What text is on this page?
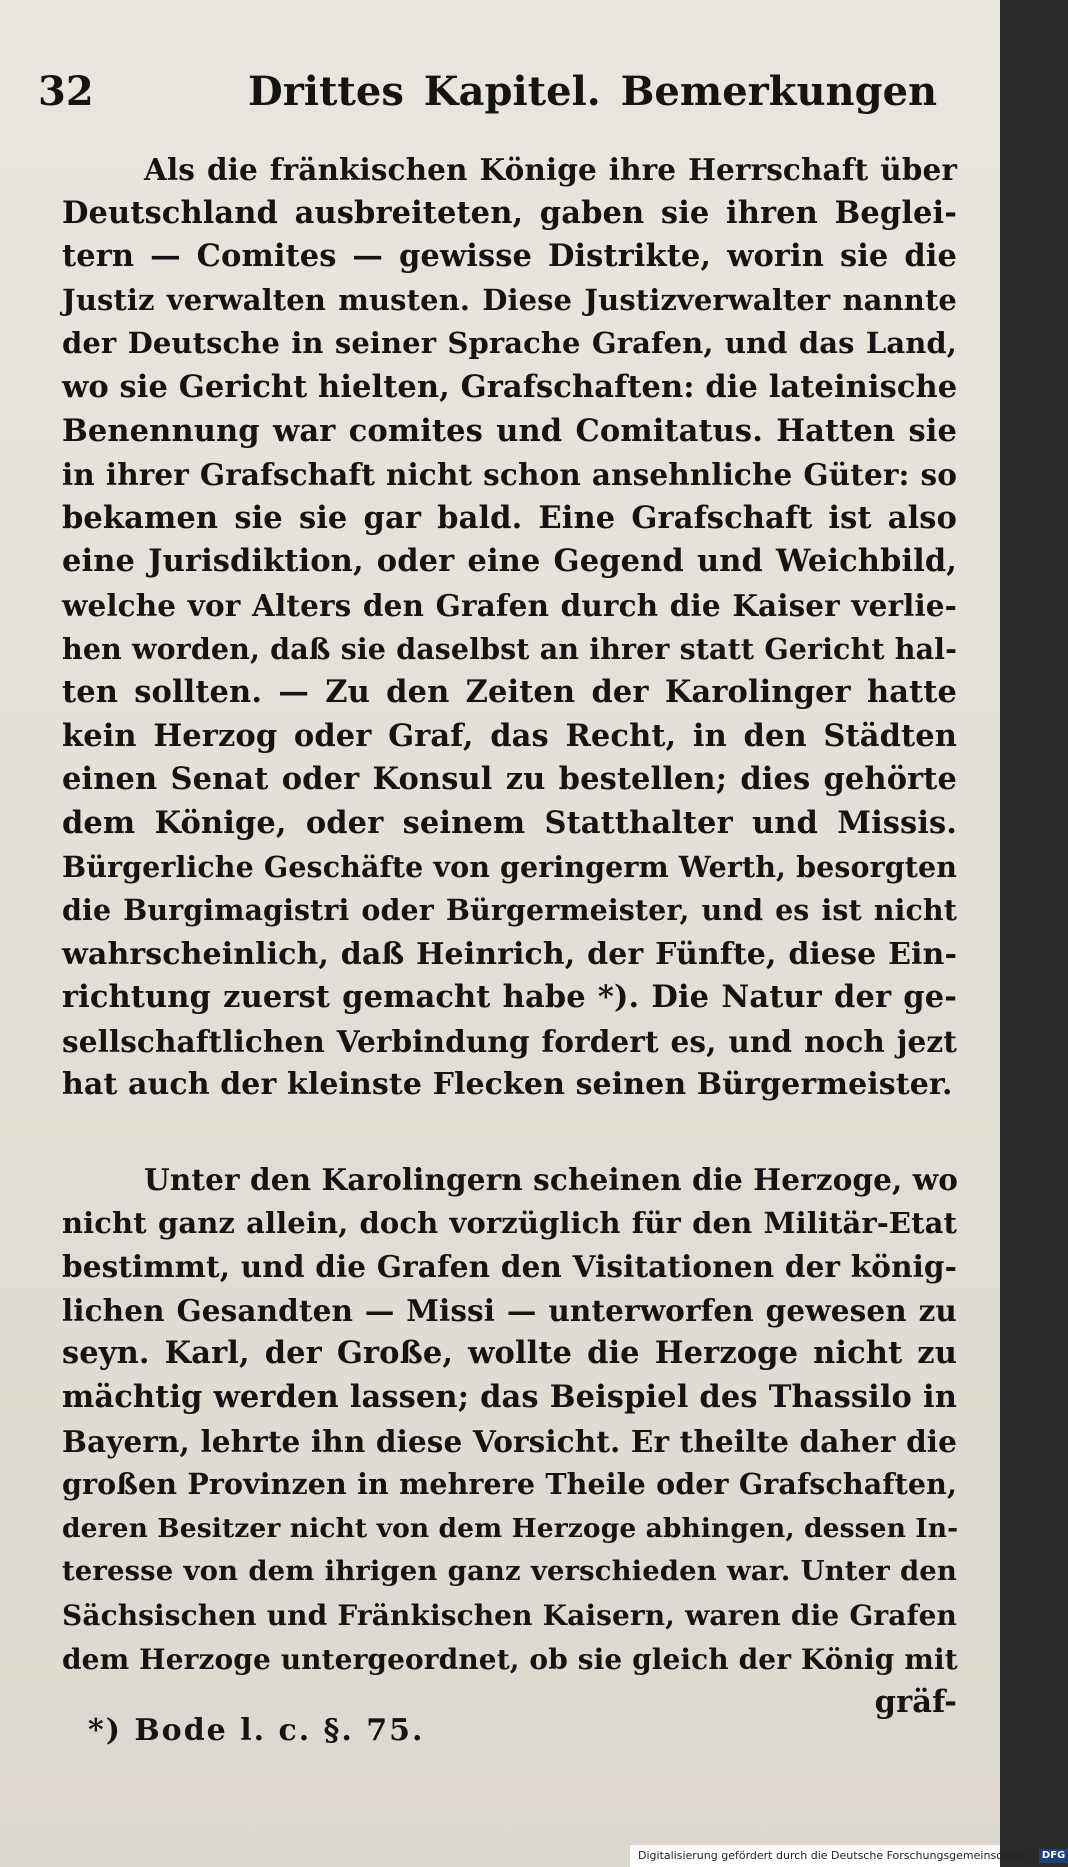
32	Drittes Kapitel. Bemerkungen
Als die fränkischen Könige ihre Herrschaft über
Deutschland ausbreiteten, gaben sie ihren Beglei-
tern — Comites — gewisse Distrikte, worin sie die
Justiz verwalten musten. Diese Justizverwalter nannte
der Deutsche in seiner Sprache Grafen, und das Land,
wo sie Gericht hielten, Grafschaften: die lateinische
Benennung war comites und Comitatus. Hatten sie
in ihrer Grafschaft nicht schon ansehnliche Güter: so
bekamen sie sie gar bald. Eine Grafschaft ist also
eine Jurisdiktion, oder eine Gegend und Weichbild,
welche vor Alters den Grafen durch die Kaiser verlie-
hen worden, daß sie daselbst an ihrer statt Gericht hal-
ten sollten. — Zu den Zeiten der Karolinger hatte
kein Herzog oder Graf, das Recht, in den Städten
einen Senat oder Konsul zu bestellen; dies gehörte
dem Könige, oder seinem Statthalter und Missis.
Bürgerliche Geschäfte von geringerm Werth, besorgten
die Burgimagistri oder Bürgermeister, und es ist nicht
wahrscheinlich, daß Heinrich, der Fünfte, diese Ein-
richtung zuerst gemacht habe *). Die Natur der ge-
sellschaftlichen Verbindung fordert es, und noch jezt
hat auch der kleinste Flecken seinen Bürgermeister.
Unter den Karolingern scheinen die Herzoge, wo
nicht ganz allein, doch vorzüglich für den Militär-Etat
bestimmt, und die Grafen den Visitationen der könig-
lichen Gesandten — Missi — unterworfen gewesen zu
seyn. Karl, der Große, wollte die Herzoge nicht zu
mächtig werden lassen; das Beispiel des Thassilo in
Bayern, lehrte ihn diese Vorsicht. Er theilte daher die
großen Provinzen in mehrere Theile oder Grafschaften,
deren Besitzer nicht von dem Herzoge abhingen, dessen In-
teresse von dem ihrigen ganz verschieden war. Unter den
Sächsischen und Fränkischen Kaisern, waren die Grafen
dem Herzoge untergeordnet, ob sie gleich der König mit
gräf-
*) Bode l. c. §. 75.
Digitalisierung gefördert durch die Deutsche Forschungsgemeinschaft - DFG
